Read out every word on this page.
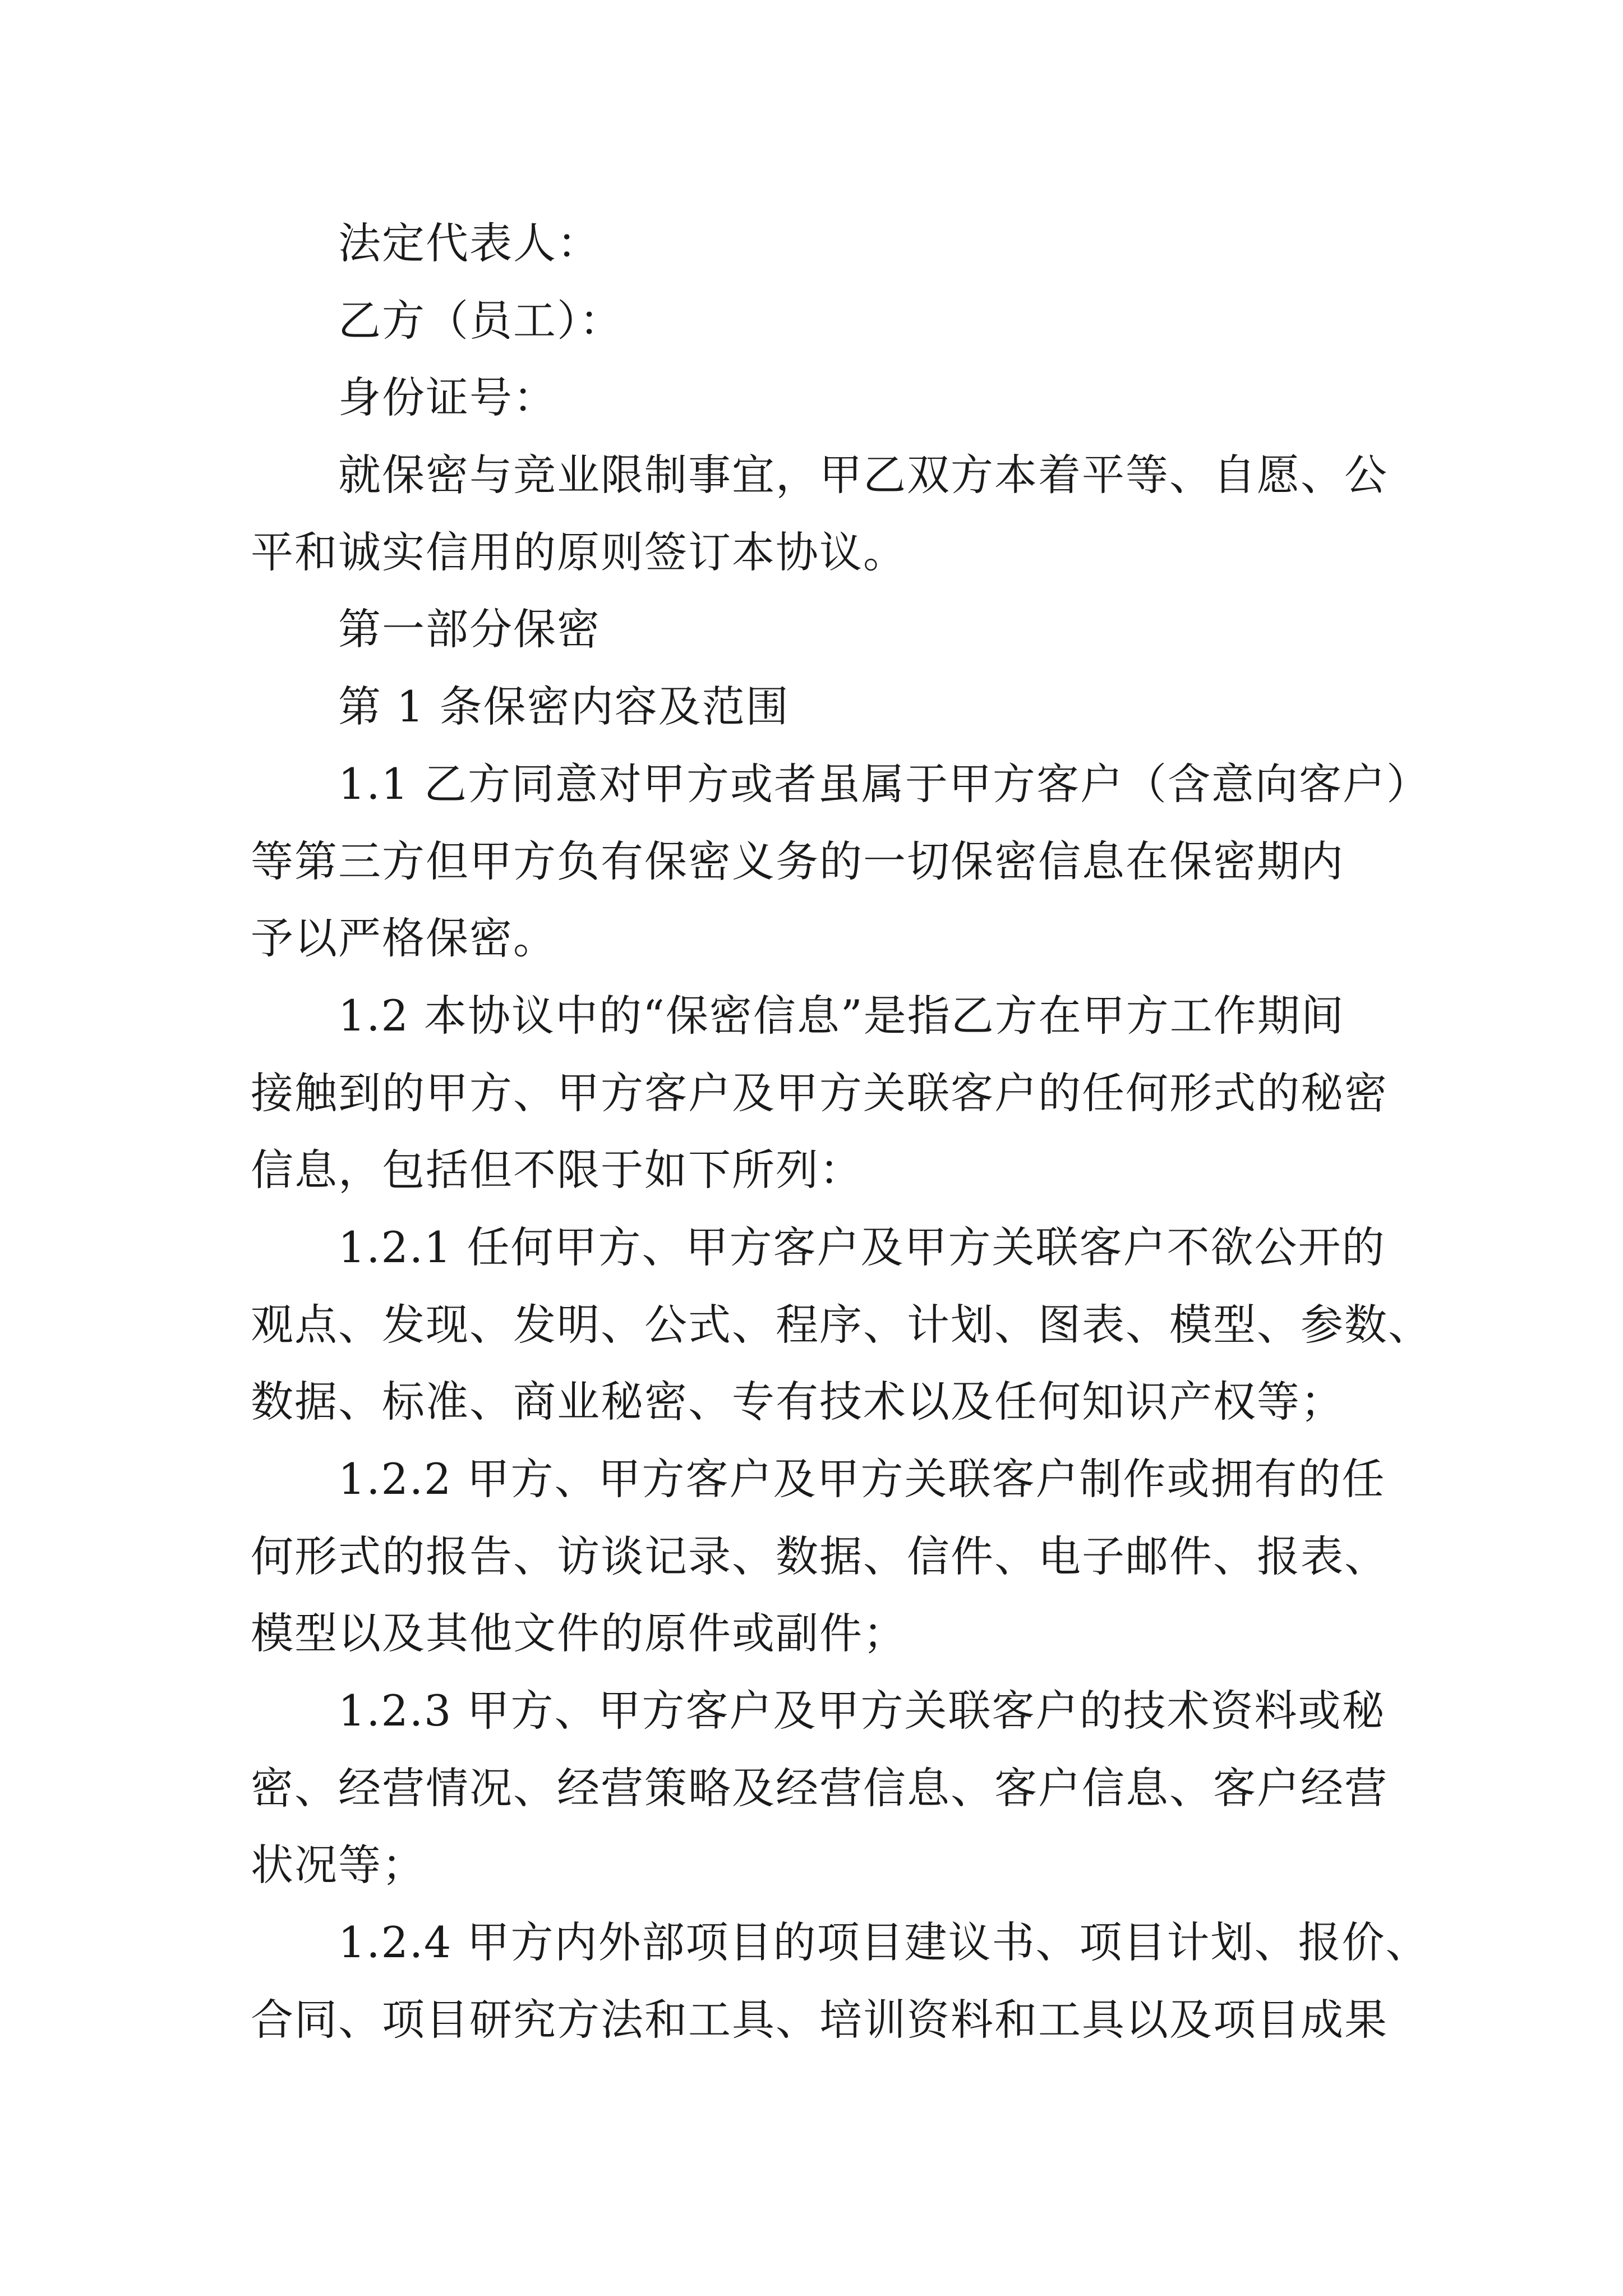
法定代表人：
乙方（员工）：
身份证号：
就保密与竞业限制事宜，甲乙双方本着平等、自愿、公
平和诚实信用的原则签订本协议。
第一部分保密
第 1 条保密内容及范围
1.1 乙方同意对甲方或者虽属于甲方客户（含意向客户）
等第三方但甲方负有保密义务的一切保密信息在保密期内
予以严格保密。
1.2 本协议中的“保密信息”是指乙方在甲方工作期间
接触到的甲方、甲方客户及甲方关联客户的任何形式的秘密
信息，包括但不限于如下所列：
1.2.1 任何甲方、甲方客户及甲方关联客户不欲公开的
观点、发现、发明、公式、程序、计划、图表、模型、参数、
数据、标准、商业秘密、专有技术以及任何知识产权等；
1.2.2 甲方、甲方客户及甲方关联客户制作或拥有的任
何形式的报告、访谈记录、数据、信件、电子邮件、报表、
模型以及其他文件的原件或副件；
1.2.3 甲方、甲方客户及甲方关联客户的技术资料或秘
密、经营情况、经营策略及经营信息、客户信息、客户经营
状况等；
1.2.4 甲方内外部项目的项目建议书、项目计划、报价、
合同、项目研究方法和工具、培训资料和工具以及项目成果
